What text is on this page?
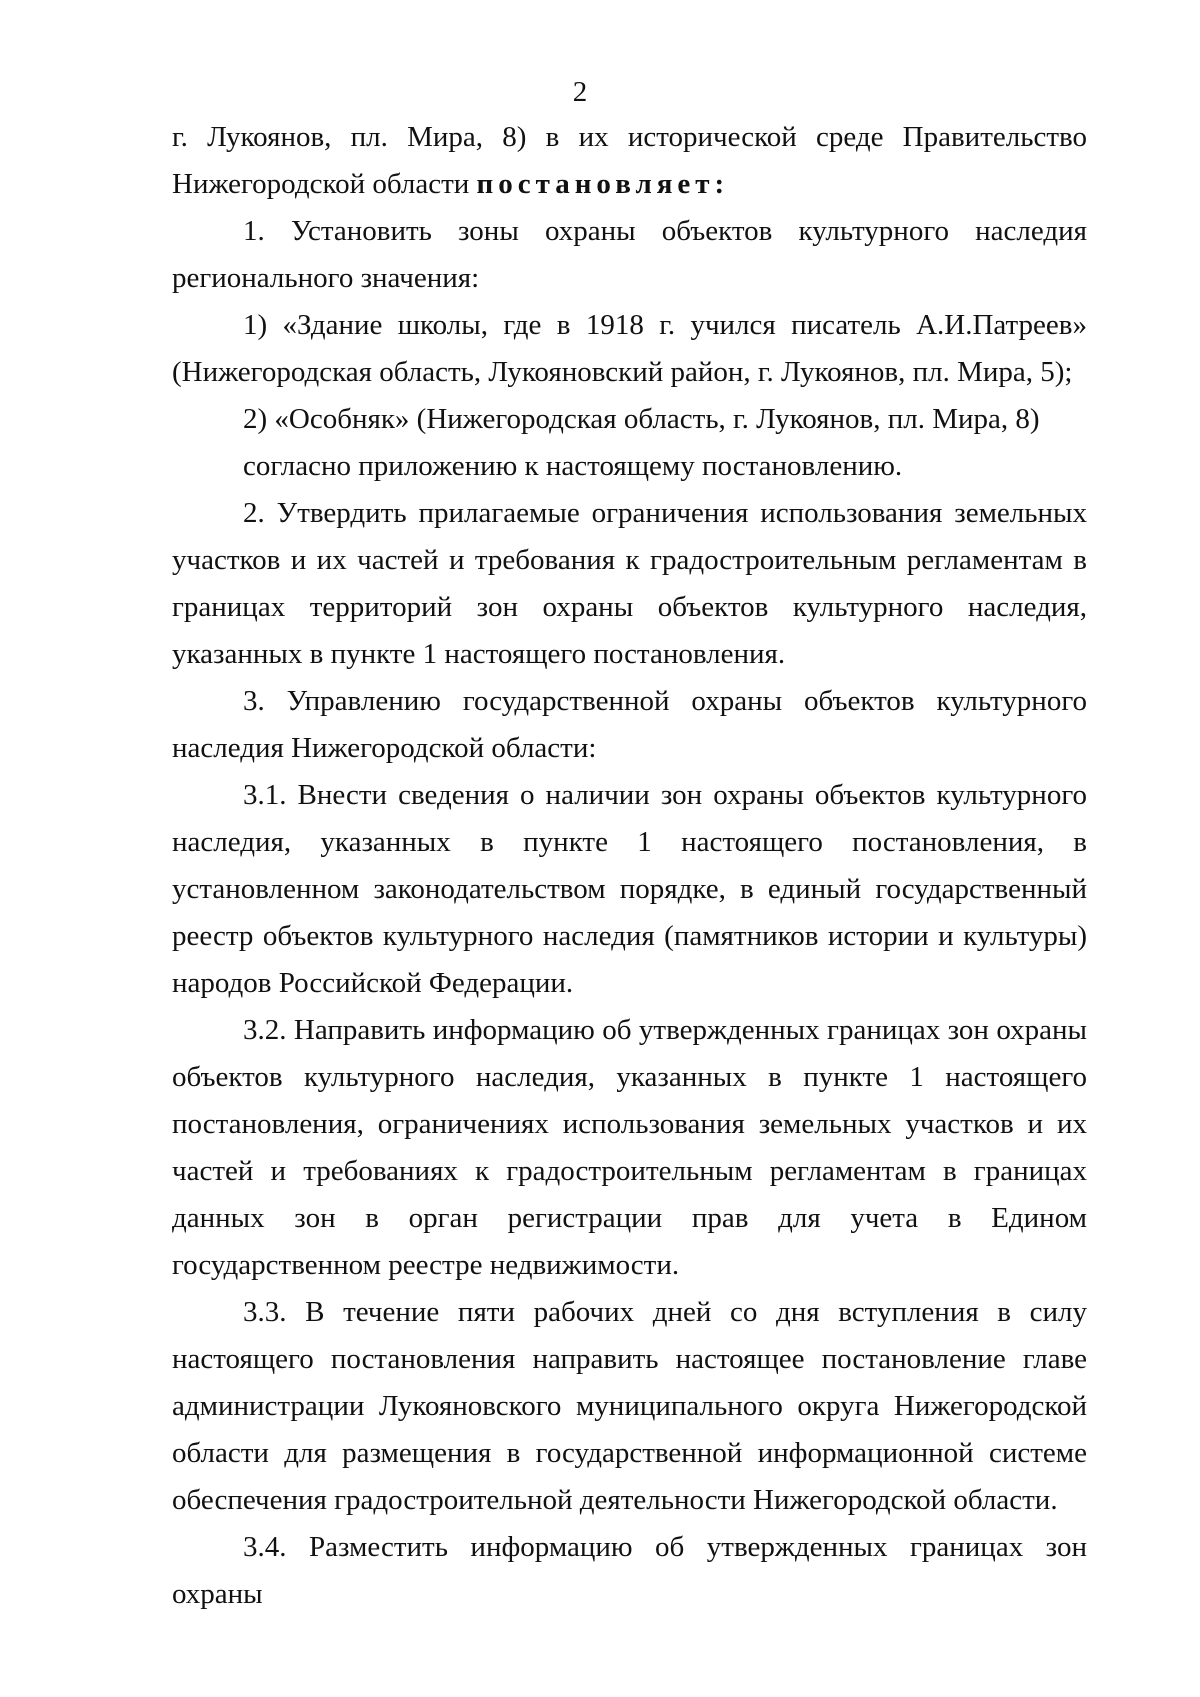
2

г. Лукоянов, пл. Мира, 8) в их исторической среде Правительство Нижегородской области постановляет:

1. Установить зоны охраны объектов культурного наследия регионального значения:

1) «Здание школы, где в 1918 г. учился писатель А.И.Патреев» (Нижегородская область, Лукояновский район, г. Лукоянов, пл. Мира, 5);

2) «Особняк» (Нижегородская область, г. Лукоянов, пл. Мира, 8)

согласно приложению к настоящему постановлению.

2. Утвердить прилагаемые ограничения использования земельных участков и их частей и требования к градостроительным регламентам в границах территорий зон охраны объектов культурного наследия, указанных в пункте 1 настоящего постановления.

3. Управлению государственной охраны объектов культурного наследия Нижегородской области:

3.1. Внести сведения о наличии зон охраны объектов культурного наследия, указанных в пункте 1 настоящего постановления, в установленном законодательством порядке, в единый государственный реестр объектов культурного наследия (памятников истории и культуры) народов Российской Федерации.

3.2. Направить информацию об утвержденных границах зон охраны объектов культурного наследия, указанных в пункте 1 настоящего постановления, ограничениях использования земельных участков и их частей и требованиях к градостроительным регламентам в границах данных зон в орган регистрации прав для учета в Едином государственном реестре недвижимости.

3.3. В течение пяти рабочих дней со дня вступления в силу настоящего постановления направить настоящее постановление главе администрации Лукояновского муниципального округа Нижегородской области для размещения в государственной информационной системе обеспечения градостроительной деятельности Нижегородской области.

3.4. Разместить информацию об утвержденных границах зон охраны
